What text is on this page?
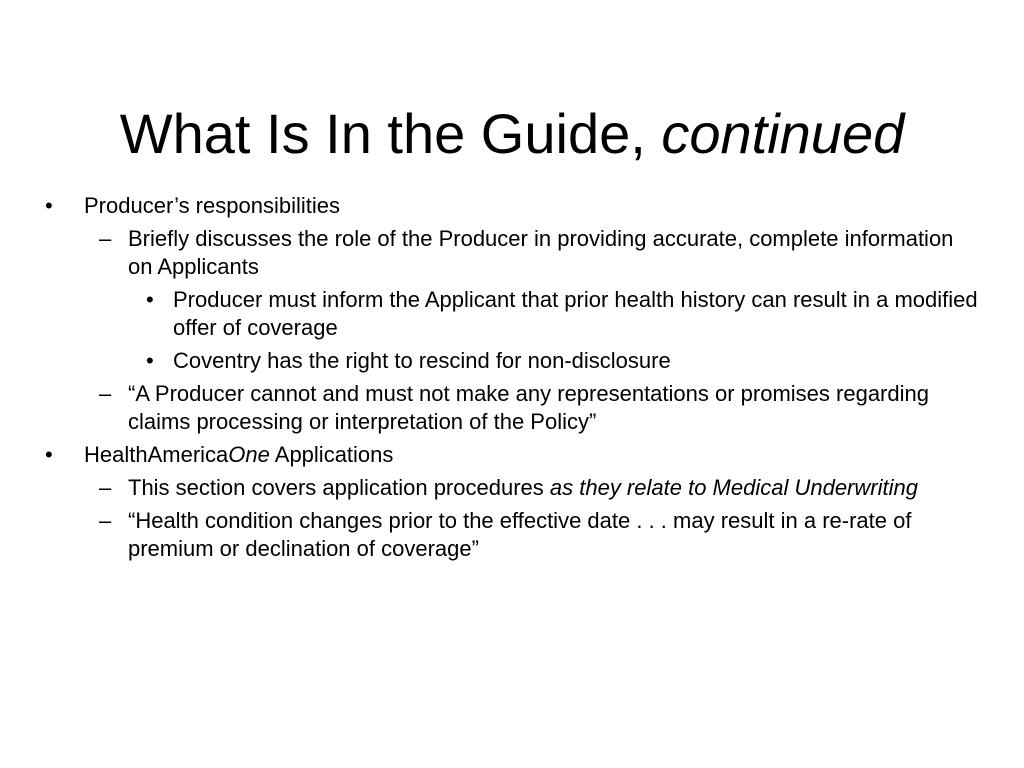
What Is In the Guide, continued
• Producer’s responsibilities
– Briefly discusses the role of the Producer in providing accurate, complete information on Applicants
• Producer must inform the Applicant that prior health history can result in a modified offer of coverage
• Coventry has the right to rescind for non-disclosure
– “A Producer cannot and must not make any representations or promises regarding claims processing or interpretation of the Policy”
• HealthAmericaOne Applications
– This section covers application procedures as they relate to Medical Underwriting
– “Health condition changes prior to the effective date . . . may result in a re-rate of premium or declination of coverage”
